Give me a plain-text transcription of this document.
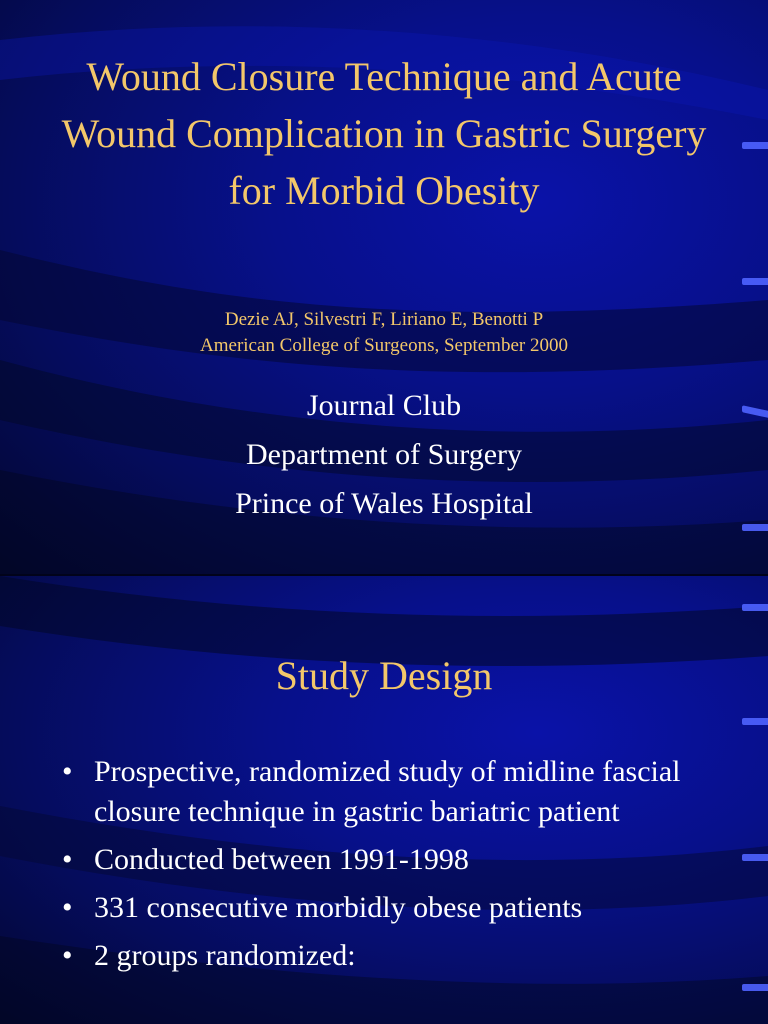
Wound Closure Technique and Acute Wound Complication in Gastric Surgery for Morbid Obesity
Dezie AJ, Silvestri F, Liriano E, Benotti P
American College of Surgeons, September 2000
Journal Club
Department of Surgery
Prince of Wales Hospital
Study Design
• Prospective, randomized study of midline fascial closure technique in gastric bariatric patient
• Conducted between 1991-1998
• 331 consecutive morbidly obese patients
• 2 groups randomized:
